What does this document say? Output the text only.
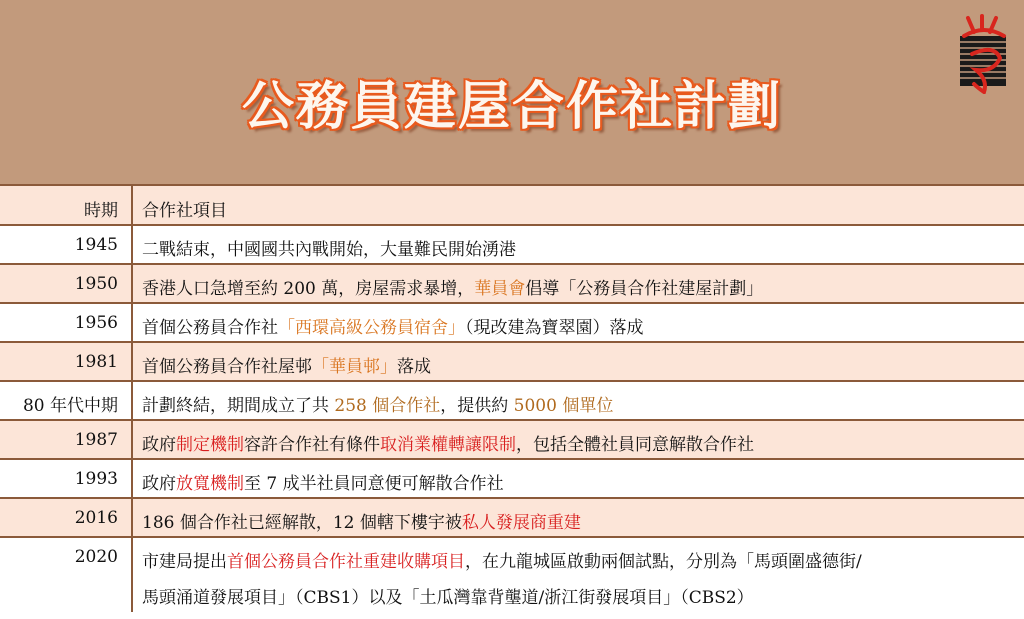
公務員建屋合作社計劃
時期 合作社項目
1945 二戰結束，中國國共內戰開始，大量難民開始湧港
1950 香港人口急增至約 200 萬，房屋需求暴增，華員會倡導「公務員合作社建屋計劃」
1956 首個公務員合作社「西環高級公務員宿舍」（現改建為寶翠園）落成
1981 首個公務員合作社屋邨「華員邨」落成
80 年代中期 計劃終結，期間成立了共 258 個合作社，提供約 5000 個單位
1987 政府制定機制容許合作社有條件取消業權轉讓限制，包括全體社員同意解散合作社
1993 政府放寬機制至 7 成半社員同意便可解散合作社
2016 186 個合作社已經解散，12 個轄下樓宇被私人發展商重建
2020 市建局提出首個公務員合作社重建收購項目，在九龍城區啟動兩個試點，分別為「馬頭圍盛德街/
馬頭涌道發展項目」（CBS1）以及「土瓜灣靠背壟道/浙江街發展項目」（CBS2）
